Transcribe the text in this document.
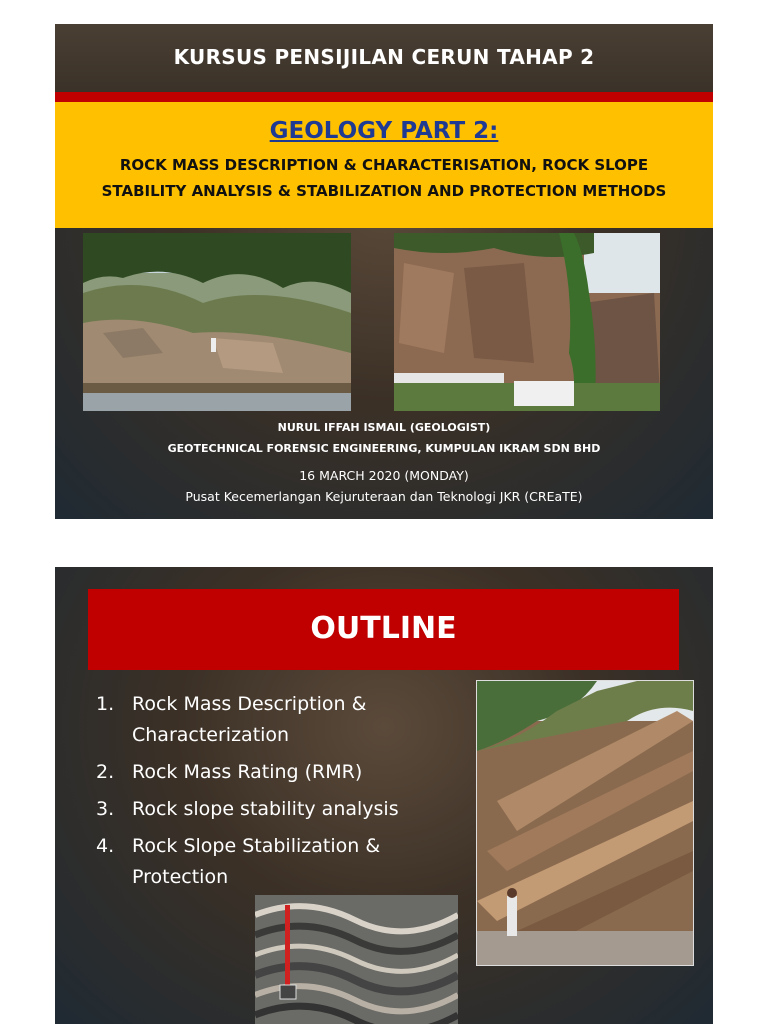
KURSUS PENSIJILAN CERUN TAHAP 2
GEOLOGY PART 2:
ROCK MASS DESCRIPTION & CHARACTERISATION, ROCK SLOPE
STABILITY ANALYSIS & STABILIZATION AND PROTECTION METHODS
NURUL IFFAH ISMAIL (GEOLOGIST)
GEOTECHNICAL FORENSIC ENGINEERING, KUMPULAN IKRAM SDN BHD
16 MARCH 2020 (MONDAY)
Pusat Kecemerlangan Kejuruteraan dan Teknologi JKR (CREaTE)
OUTLINE
1. Rock Mass Description &
Characterization
2. Rock Mass Rating (RMR)
3. Rock slope stability analysis
4. Rock Slope Stabilization &
Protection
